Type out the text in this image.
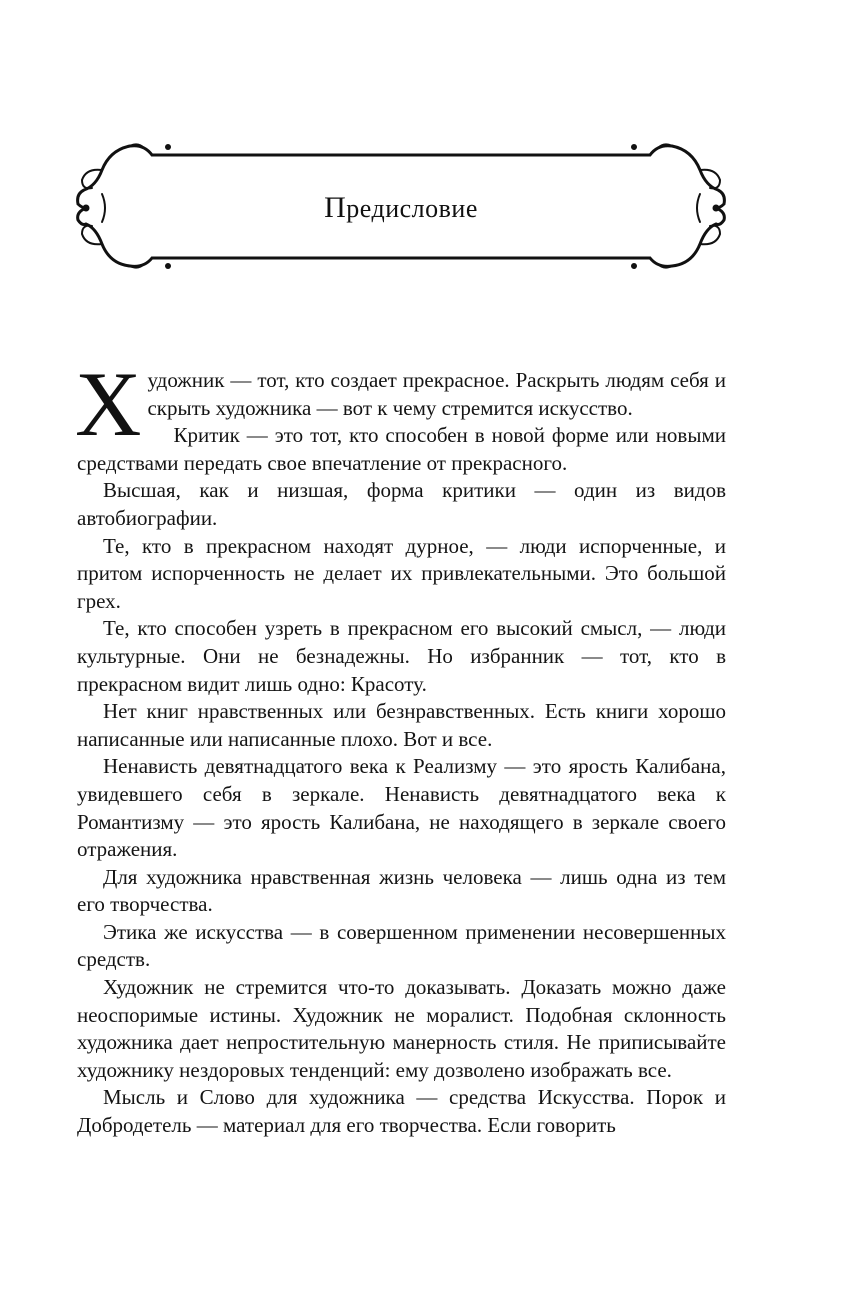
Предисловие

Художник — тот, кто создает прекрасное. Раскрыть людям себя и скрыть художника — вот к чему стремится искусство.

Критик — это тот, кто способен в новой форме или новыми средствами передать свое впечатление от прекрасного.

Высшая, как и низшая, форма критики — один из видов автобиографии.

Те, кто в прекрасном находят дурное, — люди испорченные, и притом испорченность не делает их привлекательными. Это большой грех.

Те, кто способен узреть в прекрасном его высокий смысл, — люди культурные. Они не безнадежны. Но избранник — тот, кто в прекрасном видит лишь одно: Красоту.

Нет книг нравственных или безнравственных. Есть книги хорошо написанные или написанные плохо. Вот и все.

Ненависть девятнадцатого века к Реализму — это ярость Калибана, увидевшего себя в зеркале. Ненависть девятнадцатого века к Романтизму — это ярость Калибана, не находящего в зеркале своего отражения.

Для художника нравственная жизнь человека — лишь одна из тем его творчества.

Этика же искусства — в совершенном применении несовершенных средств.

Художник не стремится что-то доказывать. Доказать можно даже неоспоримые истины. Художник не моралист. Подобная склонность художника дает непростительную манерность стиля. Не приписывайте художнику нездоровых тенденций: ему дозволено изображать все.

Мысль и Слово для художника — средства Искусства. Порок и Добродетель — материал для его творчества. Если говорить
